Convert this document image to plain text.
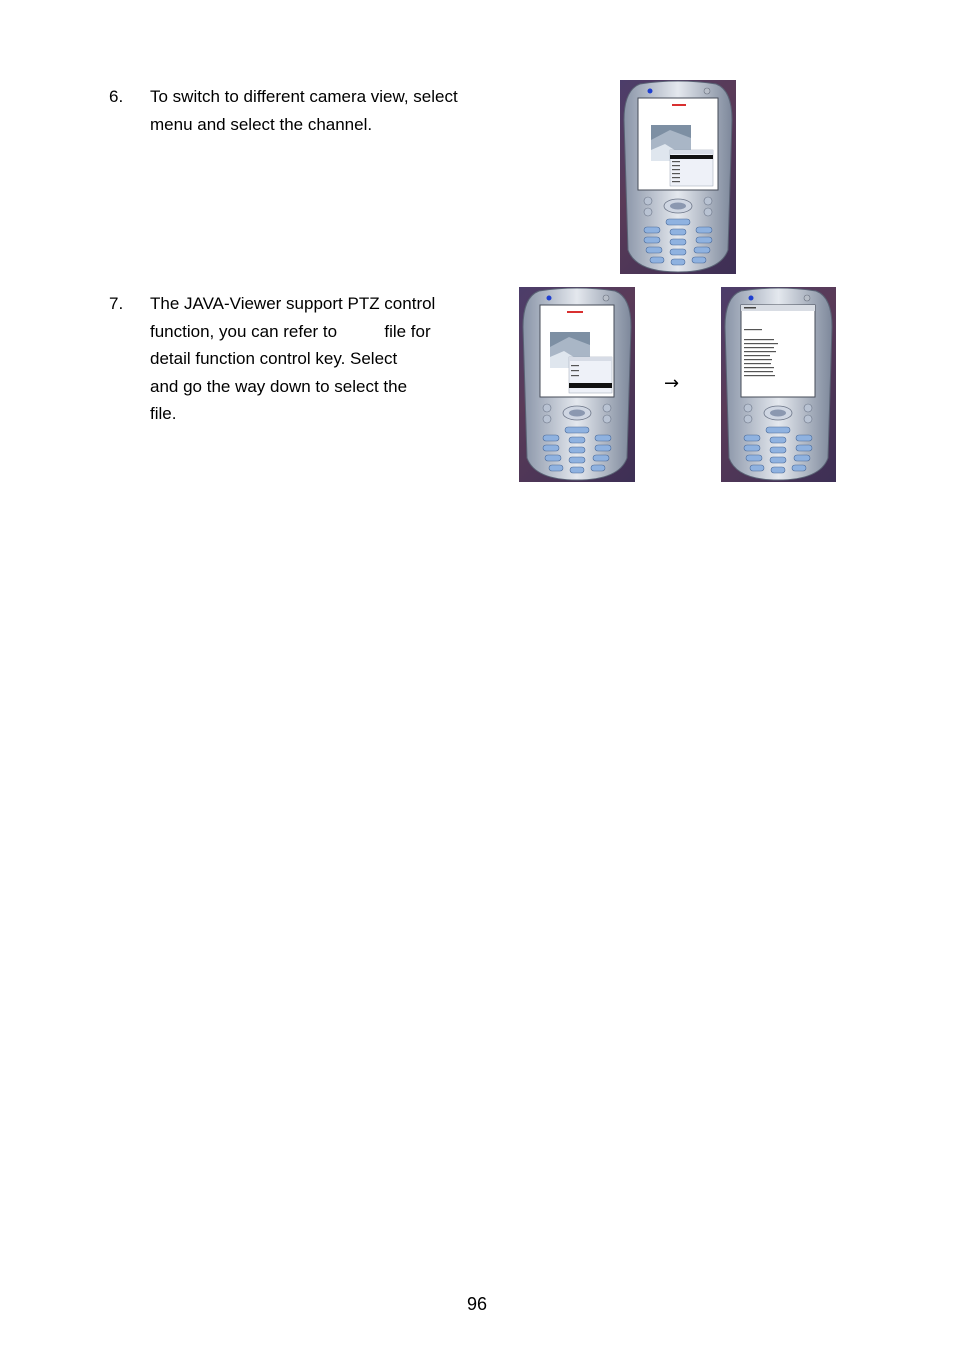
6. To switch to different camera view, select
menu and select the channel.
7. The JAVA-Viewer support PTZ control
function, you can refer to          file for
detail function control key. Select
and go the way down to select the
file.
→
96
